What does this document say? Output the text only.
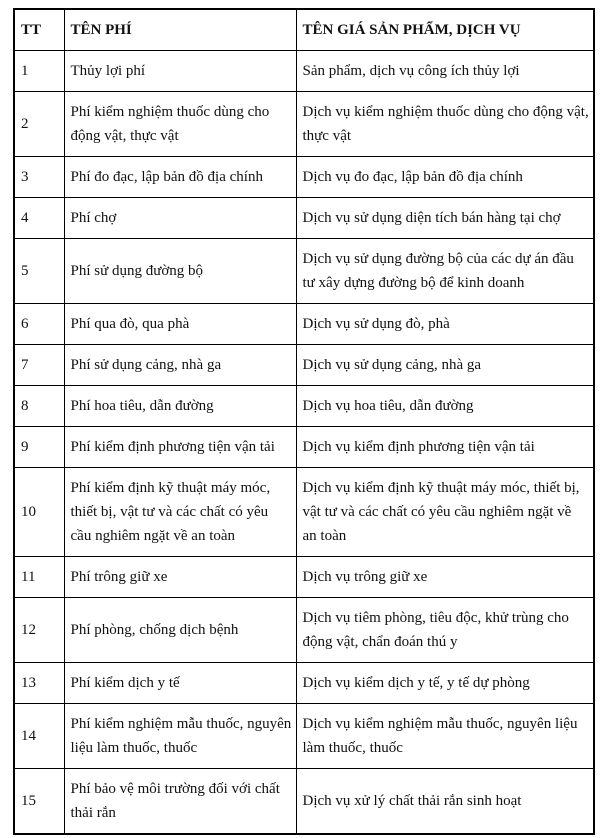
TT	TÊN PHÍ	TÊN GIÁ SẢN PHẨM, DỊCH VỤ
1	Thủy lợi phí	Sản phẩm, dịch vụ công ích thủy lợi
2	Phí kiểm nghiệm thuốc dùng cho động vật, thực vật	Dịch vụ kiểm nghiệm thuốc dùng cho động vật, thực vật
3	Phí đo đạc, lập bản đồ địa chính	Dịch vụ đo đạc, lập bản đồ địa chính
4	Phí chợ	Dịch vụ sử dụng diện tích bán hàng tại chợ
5	Phí sử dụng đường bộ	Dịch vụ sử dụng đường bộ của các dự án đầu tư xây dựng đường bộ để kinh doanh
6	Phí qua đò, qua phà	Dịch vụ sử dụng đò, phà
7	Phí sử dụng cảng, nhà ga	Dịch vụ sử dụng cảng, nhà ga
8	Phí hoa tiêu, dẫn đường	Dịch vụ hoa tiêu, dẫn đường
9	Phí kiểm định phương tiện vận tải	Dịch vụ kiểm định phương tiện vận tải
10	Phí kiểm định kỹ thuật máy móc, thiết bị, vật tư và các chất có yêu cầu nghiêm ngặt về an toàn	Dịch vụ kiểm định kỹ thuật máy móc, thiết bị, vật tư và các chất có yêu cầu nghiêm ngặt về an toàn
11	Phí trông giữ xe	Dịch vụ trông giữ xe
12	Phí phòng, chống dịch bệnh	Dịch vụ tiêm phòng, tiêu độc, khử trùng cho động vật, chẩn đoán thú y
13	Phí kiểm dịch y tế	Dịch vụ kiểm dịch y tế, y tế dự phòng
14	Phí kiểm nghiệm mẫu thuốc, nguyên liệu làm thuốc, thuốc	Dịch vụ kiểm nghiệm mẫu thuốc, nguyên liệu làm thuốc, thuốc
15	Phí bảo vệ môi trường đối với chất thải rắn	Dịch vụ xử lý chất thải rắn sinh hoạt
